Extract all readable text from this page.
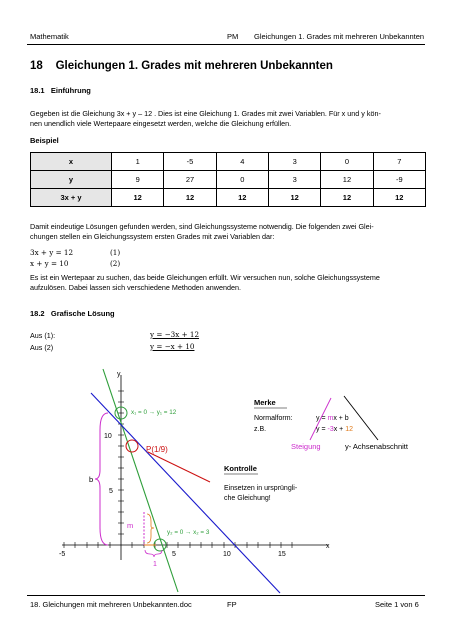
Mathematik	PM Gleichungen 1. Grades mit mehreren Unbekannten
18 Gleichungen 1. Grades mit mehreren Unbekannten
18.1 Einführung
Gegeben ist die Gleichung 3x + y – 12 . Dies ist eine Gleichung 1. Grades mit zwei Variablen. Für x und y kön-
nen unendlich viele Wertepaare eingesetzt werden, welche die Gleichung erfüllen.
Beispiel
x	1	-5	4	3	0	7
y	9	27	0	3	12	-9
3x + y	12	12	12	12	12	12
Damit eindeutige Lösungen gefunden werden, sind Gleichungssysteme notwendig. Die folgenden zwei Glei-
chungen stellen ein Gleichungssystem ersten Grades mit zwei Variablen dar:
3x + y = 12	(1)
x + y = 10	(2)
Es ist ein Wertepaar zu suchen, das beide Gleichungen erfüllt. Wir versuchen nun, solche Gleichungssysteme
aufzulösen. Dabei lassen sich verschiedene Methoden anwenden.
18.2 Grafische Lösung
Aus (1):	y = −3x + 12
Aus (2)	y = −x + 10
-5	5	10	15
5
10
y
x
x₁ = 0 → y₁ = 12
y₂ = 0 → x₂ = 3
P(1/9)
b
m
1
Kontrolle
Einsetzen in ursprüngli-
che Gleichung!
Merke
Normalform:
z.B.
y = mx + b
y = -3x + 12
Steigung	y- Achsenabschnitt
18. Gleichungen mit mehreren Unbekannten.doc	FP	Seite 1 von 6
